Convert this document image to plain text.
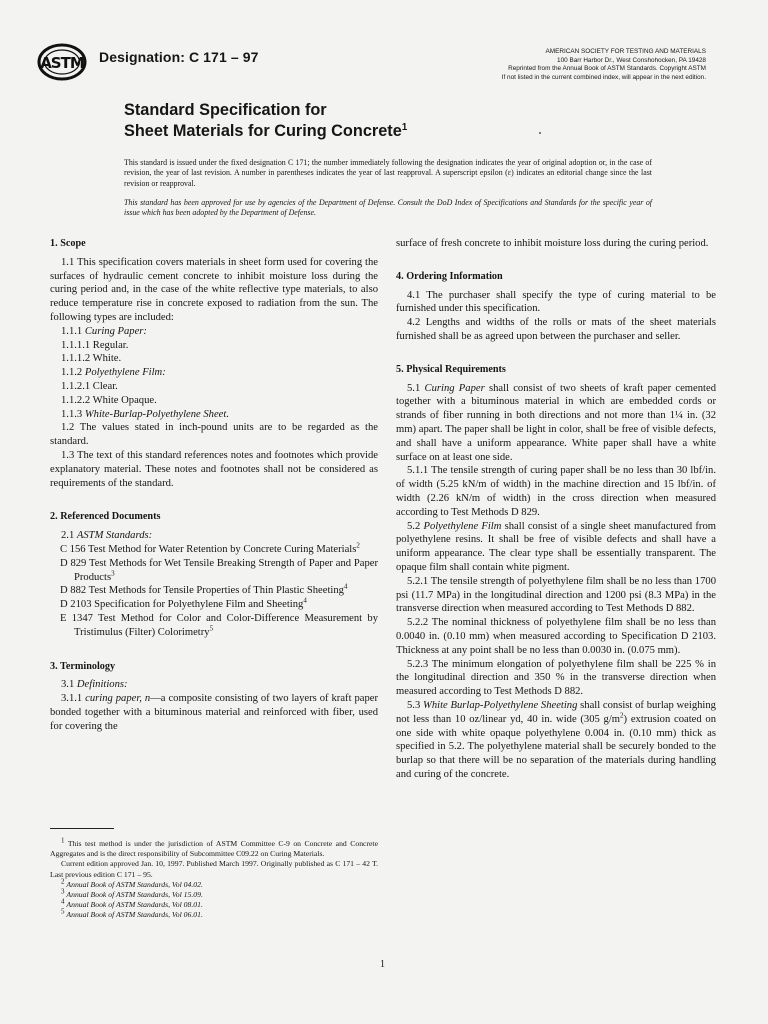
ASTM Designation: C 171 – 97	AMERICAN SOCIETY FOR TESTING AND MATERIALS
100 Barr Harbor Dr., West Conshohocken, PA 19428
Reprinted from the Annual Book of ASTM Standards. Copyright ASTM
If not listed in the current combined index, will appear in the next edition.
Standard Specification for
Sheet Materials for Curing Concrete$^1$
This standard is issued under the fixed designation C 171; the number immediately following the designation indicates the year of original adoption or, in the case of revision, the year of last revision. A number in parentheses indicates the year of last reapproval. A superscript epsilon (ε) indicates an editorial change since the last revision or reapproval.
This standard has been approved for use by agencies of the Department of Defense. Consult the DoD Index of Specifications and Standards for the specific year of issue which has been adopted by the Department of Defense.

1. Scope

1.1 This specification covers materials in sheet form used for covering the surfaces of hydraulic cement concrete to inhibit moisture loss during the curing period and, in the case of the white reflective type materials, to also reduce temperature rise in concrete exposed to radiation from the sun. The following types are included:

1.1.1 Curing Paper:

1.1.1.1 Regular.

1.1.1.2 White.

1.1.2 Polyethylene Film:

1.1.2.1 Clear.

1.1.2.2 White Opaque.

1.1.3 White-Burlap-Polyethylene Sheet.

1.2 The values stated in inch-pound units are to be regarded as the standard.

1.3 The text of this standard references notes and footnotes which provide explanatory material. These notes and footnotes shall not be considered as requirements of the standard.

2. Referenced Documents

2.1 ASTM Standards:

C 156 Test Method for Water Retention by Concrete Curing Materials$^2$

D 829 Test Methods for Wet Tensile Breaking Strength of Paper and Paper Products$^3$

D 882 Test Methods for Tensile Properties of Thin Plastic Sheeting$^4$

D 2103 Specification for Polyethylene Film and Sheeting$^4$

E 1347 Test Method for Color and Color-Difference Measurement by Tristimulus (Filter) Colorimetry$^5$

3. Terminology

3.1 Definitions:

3.1.1 curing paper, n—a composite consisting of two layers of kraft paper bonded together with a bituminous material and reinforced with fiber, used for covering the

$^1$ This test method is under the jurisdiction of ASTM Committee C-9 on Concrete and Concrete Aggregates and is the direct responsibility of Subcommittee C09.22 on Curing Materials.

Current edition approved Jan. 10, 1997. Published March 1997. Originally published as C 171 – 42 T. Last previous edition C 171 – 95.

$^2$ Annual Book of ASTM Standards, Vol 04.02.

$^3$ Annual Book of ASTM Standards, Vol 15.09.

$^4$ Annual Book of ASTM Standards, Vol 08.01.

$^5$ Annual Book of ASTM Standards, Vol 06.01.

surface of fresh concrete to inhibit moisture loss during the curing period.

4. Ordering Information

4.1 The purchaser shall specify the type of curing material to be furnished under this specification.

4.2 Lengths and widths of the rolls or mats of the sheet materials furnished shall be as agreed upon between the purchaser and seller.

5. Physical Requirements

5.1 Curing Paper shall consist of two sheets of kraft paper cemented together with a bituminous material in which are embedded cords or strands of fiber running in both directions and not more than 1¼ in. (32 mm) apart. The paper shall be light in color, shall be free of visible defects, and shall have a uniform appearance. White paper shall have a white surface on at least one side.

5.1.1 The tensile strength of curing paper shall be no less than 30 lbf/in. of width (5.25 kN/m of width) in the machine direction and 15 lbf/in. of width (2.26 kN/m of width) in the cross direction when measured according to Test Methods D 829.

5.2 Polyethylene Film shall consist of a single sheet manufactured from polyethylene resins. It shall be free of visible defects and shall have a uniform appearance. The clear type shall be essentially transparent. The opaque film shall contain white pigment.

5.2.1 The tensile strength of polyethylene film shall be no less than 1700 psi (11.7 MPa) in the longitudinal direction and 1200 psi (8.3 MPa) in the transverse direction when measured according to Test Methods D 882.

5.2.2 The nominal thickness of polyethylene film shall be no less than 0.0040 in. (0.10 mm) when measured according to Specification D 2103. Thickness at any point shall be no less than 0.0030 in. (0.075 mm).

5.2.3 The minimum elongation of polyethylene film shall be 225 % in the longitudinal direction and 350 % in the transverse direction when measured according to Test Methods D 882.

5.3 White Burlap-Polyethylene Sheeting shall consist of burlap weighing not less than 10 oz/linear yd, 40 in. wide (305 $g/m^2$) extrusion coated on one side with white opaque polyethylene 0.004 in. (0.10 mm) thick as specified in 5.2. The polyethylene material shall be securely bonded to the burlap so that there will be no separation of the materials during handling and curing of the concrete.

1
